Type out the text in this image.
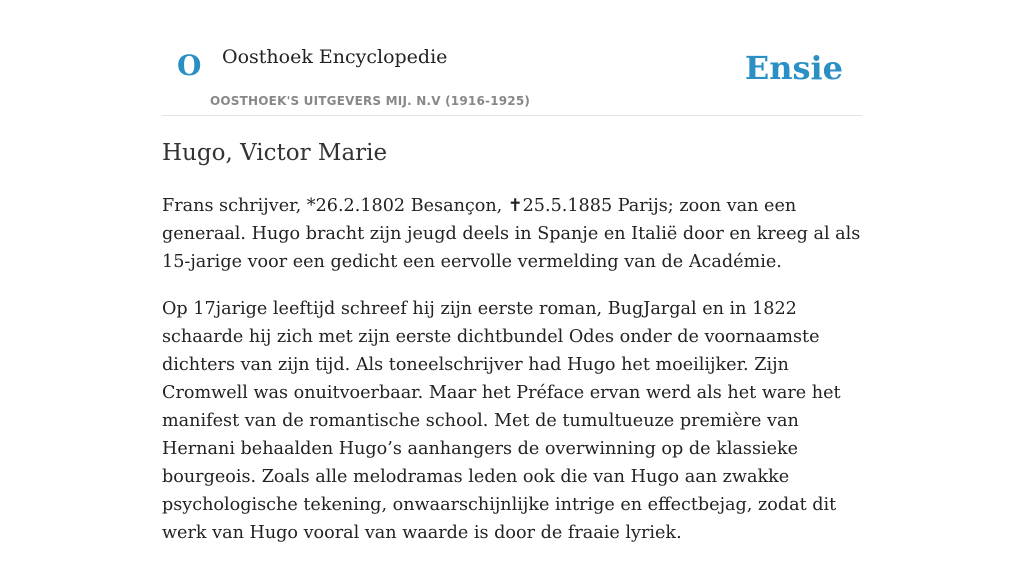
O Oosthoek Encyclopedie
OOSTHOEK'S UITGEVERS MIJ. N.V (1916-1925)
Ensie
Hugo, Victor Marie

Frans schrijver, *26.2.1802 Besançon, ✝25.5.1885 Parijs; zoon van een generaal. Hugo bracht zijn jeugd deels in Spanje en Italië door en kreeg al als 15-jarige voor een gedicht een eervolle vermelding van de Académie.

Op 17jarige leeftijd schreef hij zijn eerste roman, BugJargal en in 1822 schaarde hij zich met zijn eerste dichtbundel Odes onder de voornaamste dichters van zijn tijd. Als toneelschrijver had Hugo het moeilijker. Zijn Cromwell was onuitvoerbaar. Maar het Préface ervan werd als het ware het manifest van de romantische school. Met de tumultueuze première van Hernani behaalden Hugo’s aanhangers de overwinning op de klassieke bourgeois. Zoals alle melodramas leden ook die van Hugo aan zwakke psychologische tekening, onwaarschijnlijke intrige en effectbejag, zodat dit werk van Hugo vooral van waarde is door de fraaie lyriek.
